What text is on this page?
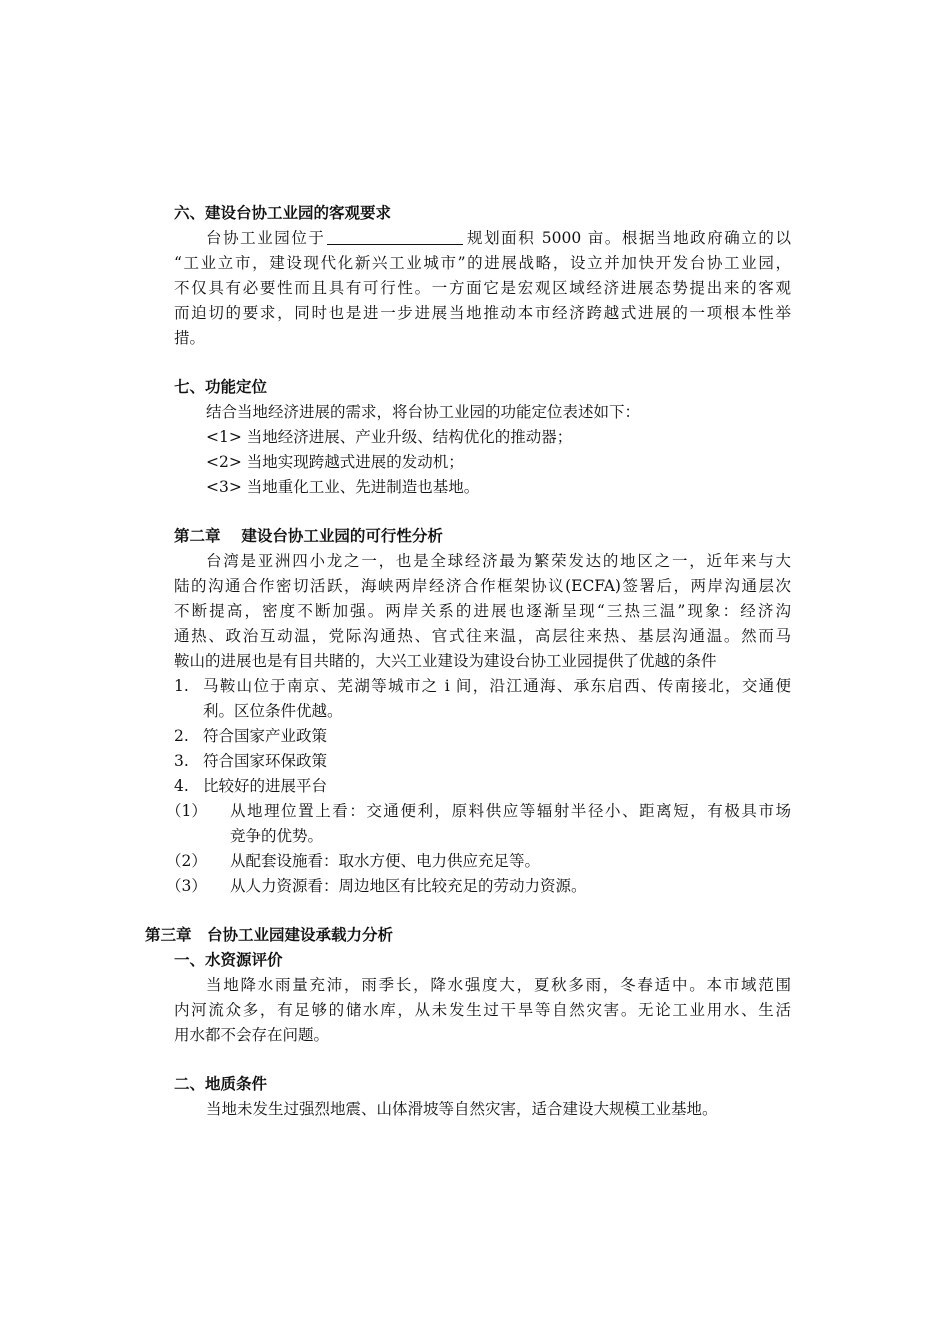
六、建设台协工业园的客观要求
台协工业园位于	规划面积 5000 亩。根据当地政府确立的以
“工业立市，建设现代化新兴工业城市”的进展战略，设立并加快开发台协工业园，
不仅具有必要性而且具有可行性。一方面它是宏观区域经济进展态势提出来的客观
而迫切的要求，同时也是进一步进展当地推动本市经济跨越式进展的一项根本性举
措。
七、功能定位
结合当地经济进展的需求，将台协工业园的功能定位表述如下：
<1> 当地经济进展、产业升级、结构优化的推动器；
<2> 当地实现跨越式进展的发动机；
<3> 当地重化工业、先进制造也基地。
第二章　 建设台协工业园的可行性分析
台湾是亚洲四小龙之一，也是全球经济最为繁荣发达的地区之一，近年来与大
陆的沟通合作密切活跃，海峡两岸经济合作框架协议(ECFA)签署后，两岸沟通层次
不断提高，密度不断加强。两岸关系的进展也逐渐呈现“三热三温”现象：经济沟
通热、政治互动温，党际沟通热、官式往来温，高层往来热、基层沟通温。然而马
鞍山的进展也是有目共睹的，大兴工业建设为建设台协工业园提供了优越的条件
1. 马鞍山位于南京、芜湖等城市之 i 间，沿江通海、承东启西、传南接北，交通便
利。区位条件优越。
2. 符合国家产业政策
3. 符合国家环保政策
4. 比较好的进展平台
（1） 从地理位置上看：交通便利，原料供应等辐射半径小、距离短，有极具市场
竞争的优势。
（2） 从配套设施看：取水方便、电力供应充足等。
（3） 从人力资源看：周边地区有比较充足的劳动力资源。
第三章　台协工业园建设承载力分析
一、水资源评价
当地降水雨量充沛，雨季长，降水强度大，夏秋多雨，冬春适中。本市域范围
内河流众多，有足够的储水库，从未发生过干旱等自然灾害。无论工业用水、生活
用水都不会存在问题。
二、地质条件
当地未发生过强烈地震、山体滑坡等自然灾害，适合建设大规模工业基地。
